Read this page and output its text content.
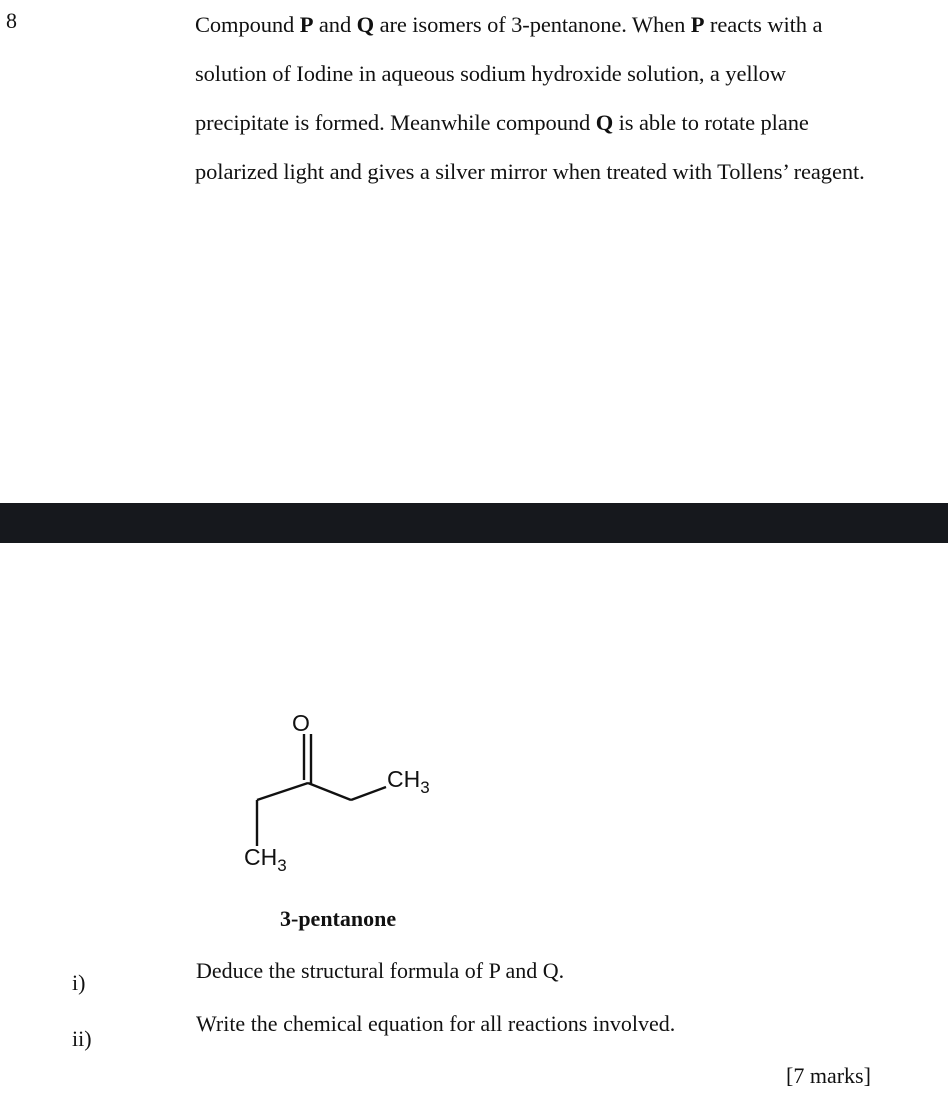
8	Compound P and Q are isomers of 3-pentanone. When P reacts with a
solution of Iodine in aqueous sodium hydroxide solution, a yellow
precipitate is formed. Meanwhile compound Q is able to rotate plane
polarized light and gives a silver mirror when treated with Tollens’ reagent.
O
$CH_3$
$CH_3$
3-pentanone
i)	Deduce the structural formula of P and Q.
ii)
Write the chemical equation for all reactions involved.
[7 marks]
